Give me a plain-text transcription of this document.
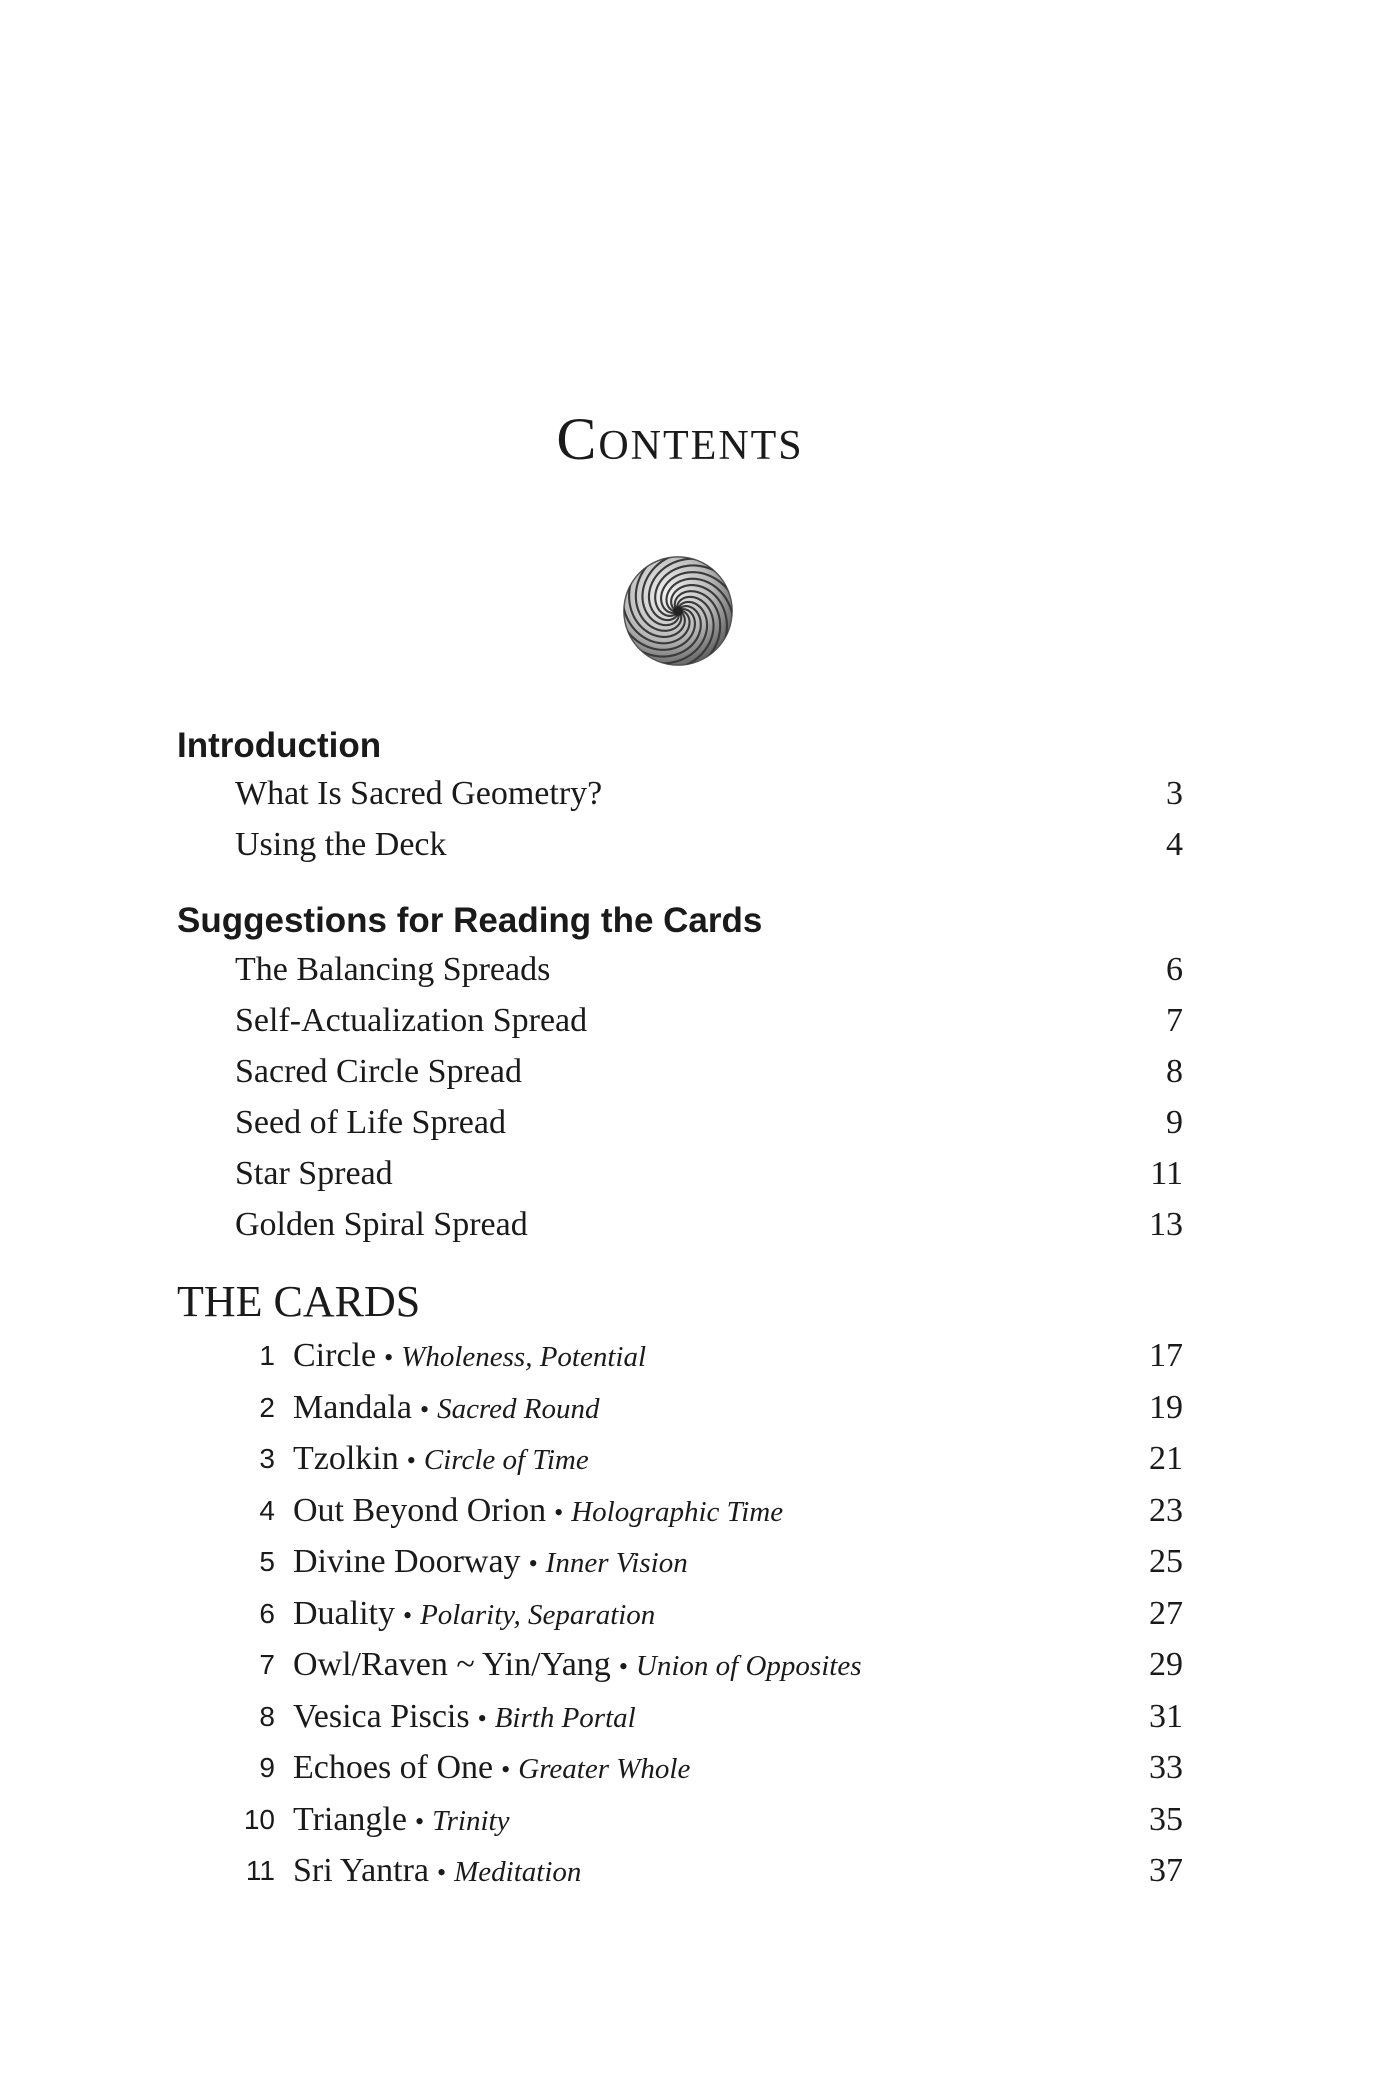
Contents
Introduction
What Is Sacred Geometry?	3
Using the Deck	4
Suggestions for Reading the Cards
The Balancing Spreads	6
Self-Actualization Spread	7
Sacred Circle Spread	8
Seed of Life Spread	9
Star Spread	11
Golden Spiral Spread	13
THE CARDS
1 Circle • Wholeness, Potential	17
2 Mandala • Sacred Round	19
3 Tzolkin • Circle of Time	21
4 Out Beyond Orion • Holographic Time	23
5 Divine Doorway • Inner Vision	25
6 Duality • Polarity, Separation	27
7 Owl/Raven ~ Yin/Yang • Union of Opposites	29
8 Vesica Piscis • Birth Portal	31
9 Echoes of One • Greater Whole	33
10 Triangle • Trinity	35
11 Sri Yantra • Meditation	37
